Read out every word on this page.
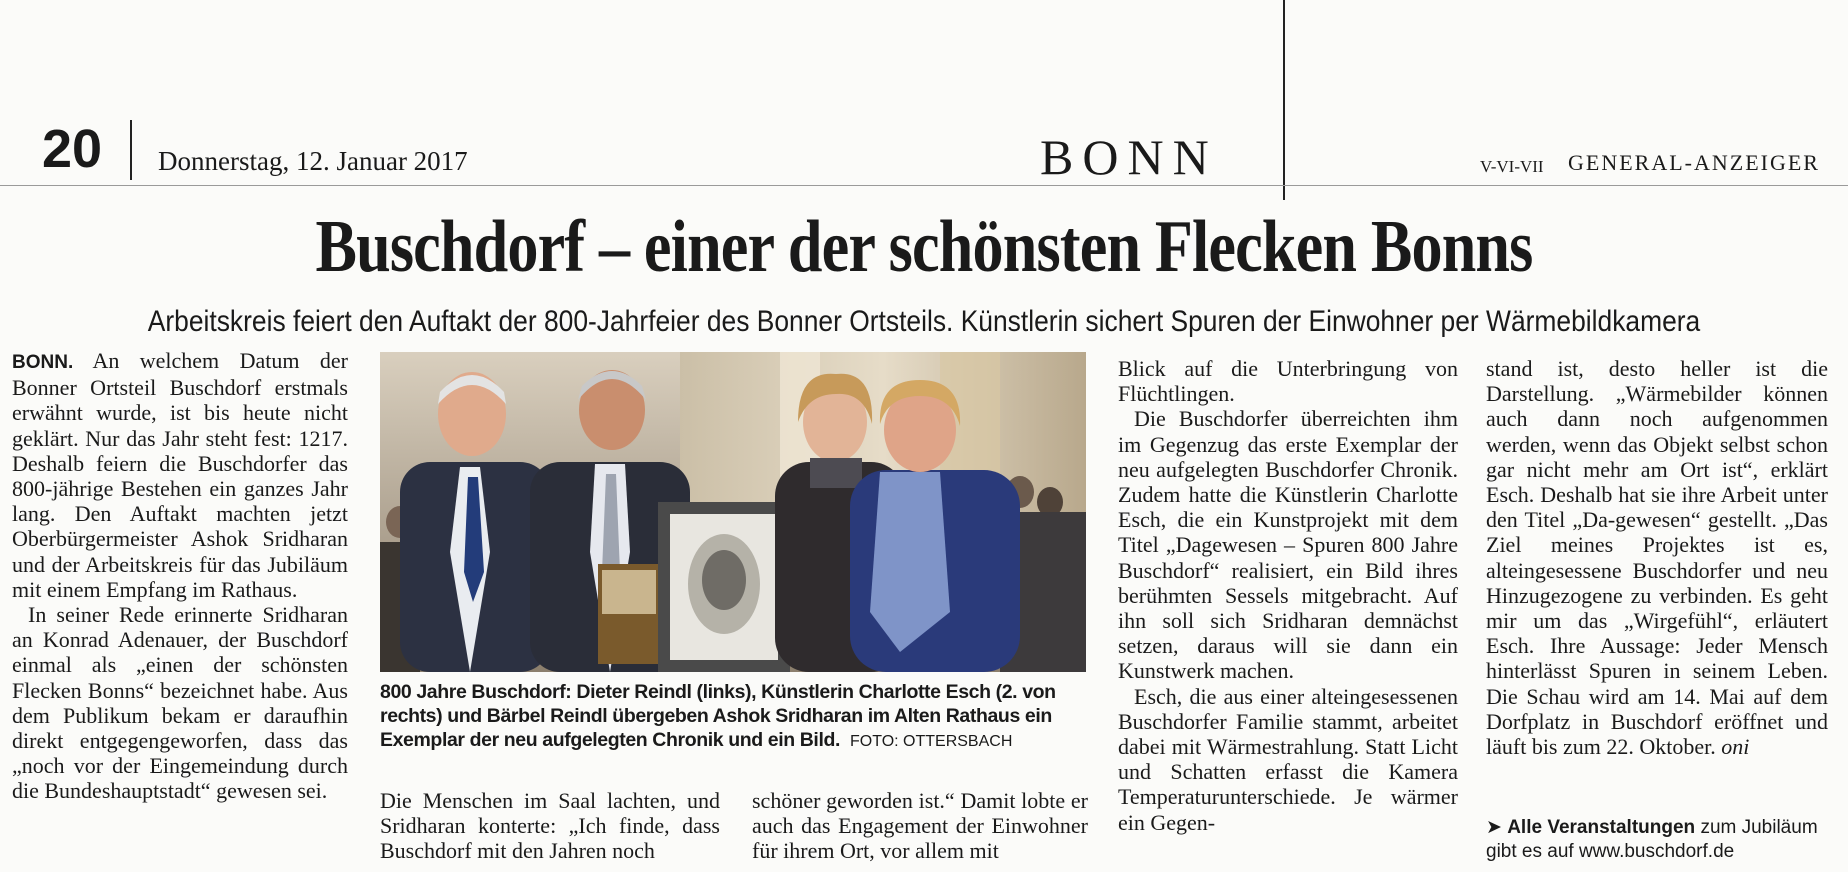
20 Donnerstag, 12. Januar 2017	BONN	V-VI-VII GENERAL-ANZEIGER
Buschdorf – einer der schönsten Flecken Bonns
Arbeitskreis feiert den Auftakt der 800-Jahrfeier des Bonner Ortsteils. Künstlerin sichert Spuren der Einwohner per Wärmebildkamera

BONN. An welchem Datum der Bonner Ortsteil Buschdorf erstmals erwähnt wurde, ist bis heute nicht geklärt. Nur das Jahr steht fest: 1217. Deshalb feiern die Buschdorfer das 800-jährige Bestehen ein ganzes Jahr lang. Den Auftakt machten jetzt Oberbürgermeister Ashok Sridharan und der Arbeitskreis für das Jubiläum mit einem Empfang im Rathaus.

In seiner Rede erinnerte Sridharan an Konrad Adenauer, der Buschdorf einmal als „einen der schönsten Flecken Bonns“ bezeichnet habe. Aus dem Publikum bekam er daraufhin direkt entgegengeworfen, dass das „noch vor der Eingemeindung durch die Bundeshauptstadt“ gewesen sei.

800 Jahre Buschdorf: Dieter Reindl (links), Künstlerin Charlotte Esch (2. von rechts) und Bärbel Reindl übergeben Ashok Sridharan im Alten Rathaus ein Exemplar der neu aufgelegten Chronik und ein Bild. FOTO: OTTERSBACH

Die Menschen im Saal lachten, und Sridharan konterte: „Ich finde, dass Buschdorf mit den Jahren noch

schöner geworden ist.“ Damit lobte er auch das Engagement der Einwohner für ihrem Ort, vor allem mit

Blick auf die Unterbringung von Flüchtlingen.

Die Buschdorfer überreichten ihm im Gegenzug das erste Exemplar der neu aufgelegten Buschdorfer Chronik. Zudem hatte die Künstlerin Charlotte Esch, die ein Kunstprojekt mit dem Titel „Dagewesen – Spuren 800 Jahre Buschdorf“ realisiert, ein Bild ihres berühmten Sessels mitgebracht. Auf ihn soll sich Sridharan demnächst setzen, daraus will sie dann ein Kunstwerk machen.

Esch, die aus einer alteingesessenen Buschdorfer Familie stammt, arbeitet dabei mit Wärmestrahlung. Statt Licht und Schatten erfasst die Kamera Temperaturunterschiede. Je wärmer ein Gegen-

stand ist, desto heller ist die Darstellung. „Wärmebilder können auch dann noch aufgenommen werden, wenn das Objekt selbst schon gar nicht mehr am Ort ist“, erklärt Esch. Deshalb hat sie ihre Arbeit unter den Titel „Da-gewesen“ gestellt. „Das Ziel meines Projektes ist es, alteingesessene Buschdorfer und neu Hinzugezogene zu verbinden. Es geht mir um das „Wirgefühl“, erläutert Esch. Ihre Aussage: Jeder Mensch hinterlässt Spuren in seinem Leben. Die Schau wird am 14. Mai auf dem Dorfplatz in Buschdorf eröffnet und läuft bis zum 22. Oktober. oni

➤ Alle Veranstaltungen zum Jubiläum gibt es auf www.buschdorf.de
